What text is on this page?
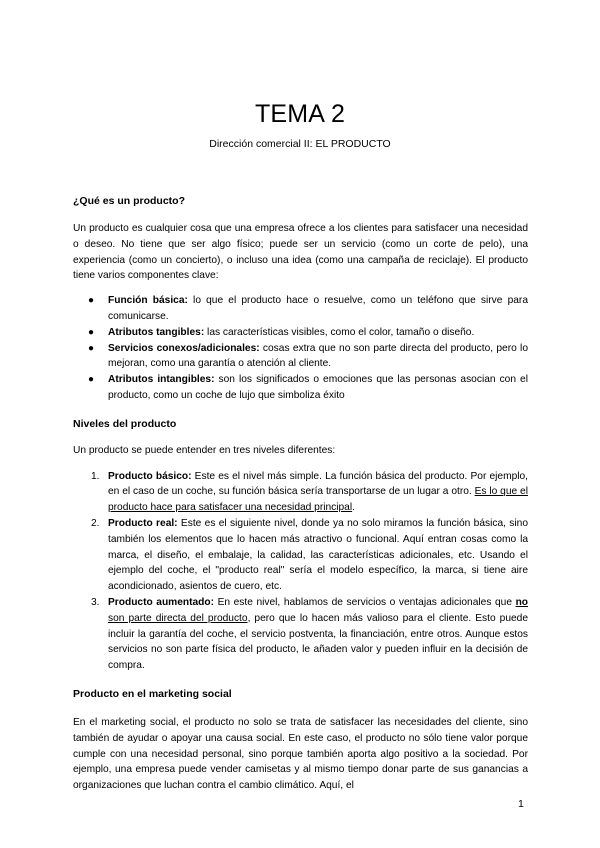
TEMA 2
Dirección comercial II: EL PRODUCTO
¿Qué es un producto?

Un producto es cualquier cosa que una empresa ofrece a los clientes para satisfacer una necesidad o deseo. No tiene que ser algo físico; puede ser un servicio (como un corte de pelo), una experiencia (como un concierto), o incluso una idea (como una campaña de reciclaje). El producto tiene varios componentes clave:

● Función básica: lo que el producto hace o resuelve, como un teléfono que sirve para comunicarse.
● Atributos tangibles: las características visibles, como el color, tamaño o diseño.
● Servicios conexos/adicionales: cosas extra que no son parte directa del producto, pero lo mejoran, como una garantía o atención al cliente.
● Atributos intangibles: son los significados o emociones que las personas asocian con el producto, como un coche de lujo que simboliza éxito
Niveles del producto

Un producto se puede entender en tres niveles diferentes:

1. Producto básico: Este es el nivel más simple. La función básica del producto. Por ejemplo, en el caso de un coche, su función básica sería transportarse de un lugar a otro. Es lo que el producto hace para satisfacer una necesidad principal.
2. Producto real: Este es el siguiente nivel, donde ya no solo miramos la función básica, sino también los elementos que lo hacen más atractivo o funcional. Aquí entran cosas como la marca, el diseño, el embalaje, la calidad, las características adicionales, etc. Usando el ejemplo del coche, el "producto real" sería el modelo específico, la marca, si tiene aire acondicionado, asientos de cuero, etc.
3. Producto aumentado: En este nivel, hablamos de servicios o ventajas adicionales que no son parte directa del producto, pero que lo hacen más valioso para el cliente. Esto puede incluir la garantía del coche, el servicio postventa, la financiación, entre otros. Aunque estos servicios no son parte física del producto, le añaden valor y pueden influir en la decisión de compra.
Producto en el marketing social

En el marketing social, el producto no solo se trata de satisfacer las necesidades del cliente, sino también de ayudar o apoyar una causa social. En este caso, el producto no sólo tiene valor porque cumple con una necesidad personal, sino porque también aporta algo positivo a la sociedad. Por ejemplo, una empresa puede vender camisetas y al mismo tiempo donar parte de sus ganancias a organizaciones que luchan contra el cambio climático. Aquí, el

1
